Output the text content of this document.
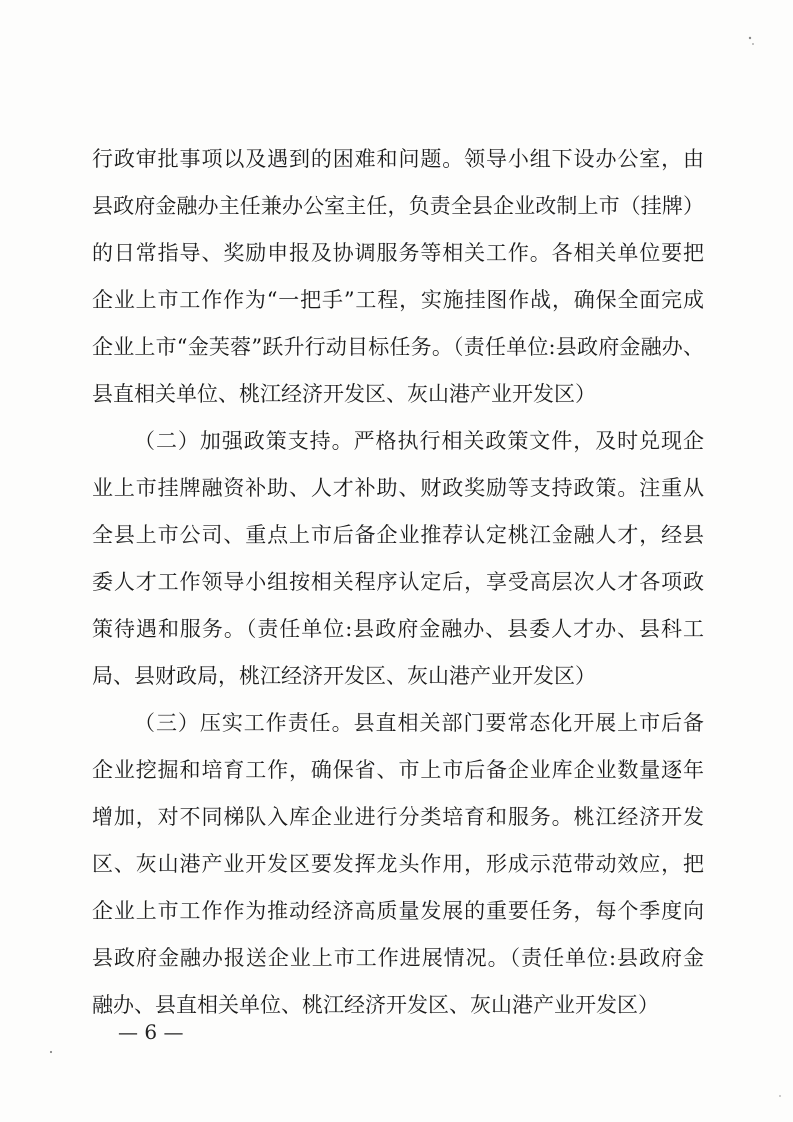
行政审批事项以及遇到的困难和问题。领导小组下设办公室，由
县政府金融办主任兼办公室主任，负责全县企业改制上市（挂牌）
的日常指导、奖励申报及协调服务等相关工作。各相关单位要把
企业上市工作作为“一把手”工程，实施挂图作战，确保全面完成
企业上市“金芙蓉”跃升行动目标任务。（责任单位:县政府金融办、
县直相关单位、桃江经济开发区、灰山港产业开发区）
（二）加强政策支持。严格执行相关政策文件，及时兑现企
业上市挂牌融资补助、人才补助、财政奖励等支持政策。注重从
全县上市公司、重点上市后备企业推荐认定桃江金融人才，经县
委人才工作领导小组按相关程序认定后，享受高层次人才各项政
策待遇和服务。（责任单位:县政府金融办、县委人才办、县科工
局、县财政局，桃江经济开发区、灰山港产业开发区）
（三）压实工作责任。县直相关部门要常态化开展上市后备
企业挖掘和培育工作，确保省、市上市后备企业库企业数量逐年
增加，对不同梯队入库企业进行分类培育和服务。桃江经济开发
区、灰山港产业开发区要发挥龙头作用，形成示范带动效应，把
企业上市工作作为推动经济高质量发展的重要任务，每个季度向
县政府金融办报送企业上市工作进展情况。（责任单位:县政府金
融办、县直相关单位、桃江经济开发区、灰山港产业开发区）
— 6 —
